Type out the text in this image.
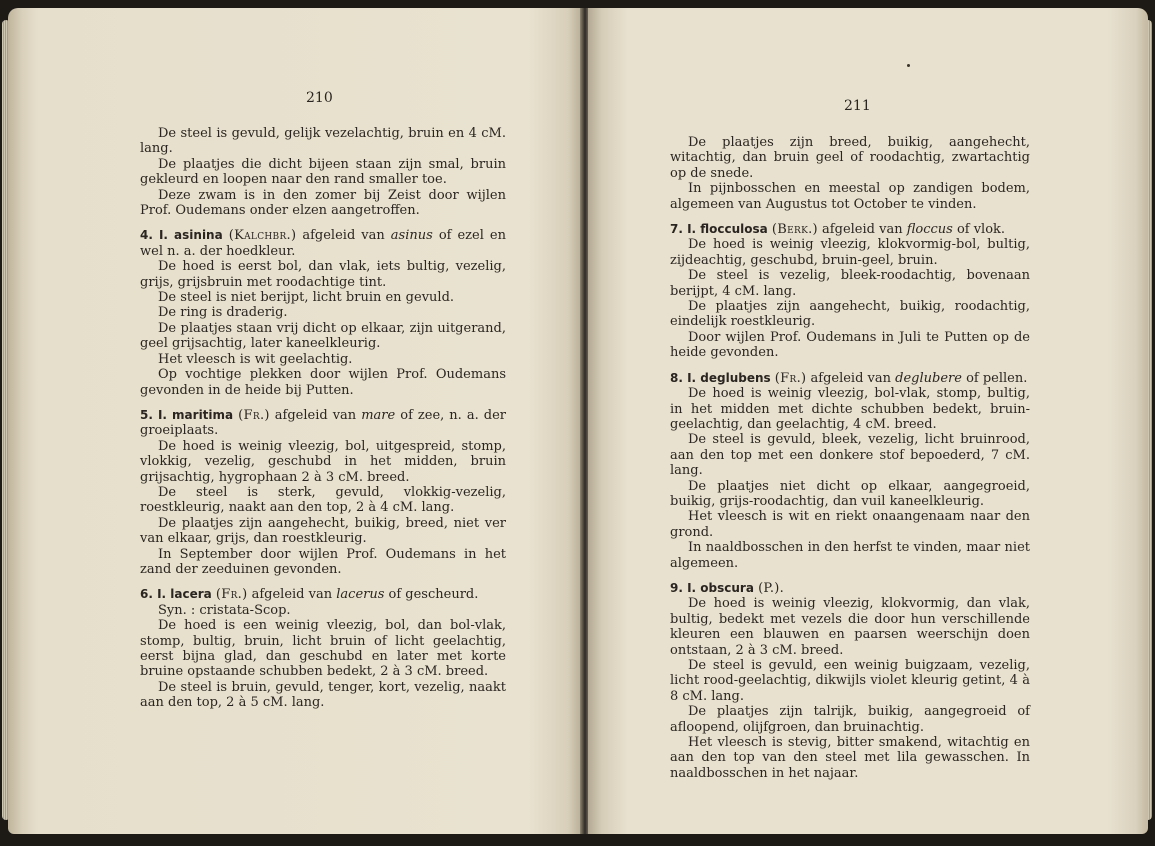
210

De steel is gevuld, gelijk vezelachtig, bruin en 4 cM. lang.

De plaatjes die dicht bijeen staan zijn smal, bruin gekleurd en loopen naar den rand smaller toe.

Deze zwam is in den zomer bij Zeist door wijlen Prof. Oudemans onder elzen aangetroffen.

4. I. asinina (Kalchbr.) afgeleid van asinus of ezel en wel n. a. der hoedkleur.

De hoed is eerst bol, dan vlak, iets bultig, vezelig, grijs, grijsbruin met roodachtige tint.

De steel is niet berijpt, licht bruin en gevuld.

De ring is draderig.

De plaatjes staan vrij dicht op elkaar, zijn uitgerand, geel grijsachtig, later kaneelkleurig.

Het vleesch is wit geelachtig.

Op vochtige plekken door wijlen Prof. Oudemans gevonden in de heide bij Putten.

5. I. maritima (Fr.) afgeleid van mare of zee, n. a. der groeiplaats.

De hoed is weinig vleezig, bol, uitgespreid, stomp, vlokkig, vezelig, geschubd in het midden, bruin grijsachtig, hygrophaan 2 à 3 cM. breed.

De steel is sterk, gevuld, vlokkig-vezelig, roestkleurig, naakt aan den top, 2 à 4 cM. lang.

De plaatjes zijn aangehecht, buikig, breed, niet ver van elkaar, grijs, dan roestkleurig.

In September door wijlen Prof. Oudemans in het zand der zeeduinen gevonden.

6. I. lacera (Fr.) afgeleid van lacerus of gescheurd.

Syn. : cristata-Scop.

De hoed is een weinig vleezig, bol, dan bol-vlak, stomp, bultig, bruin, licht bruin of licht geelachtig, eerst bijna glad, dan geschubd en later met korte bruine opstaande schubben bedekt, 2 à 3 cM. breed.

De steel is bruin, gevuld, tenger, kort, vezelig, naakt aan den top, 2 à 5 cM. lang.

211

De plaatjes zijn breed, buikig, aangehecht, witachtig, dan bruin geel of roodachtig, zwartachtig op de snede.

In pijnbosschen en meestal op zandigen bodem, algemeen van Augustus tot October te vinden.

7. I. flocculosa (Berk.) afgeleid van floccus of vlok.

De hoed is weinig vleezig, klokvormig-bol, bultig, zijdeachtig, geschubd, bruin-geel, bruin.

De steel is vezelig, bleek-roodachtig, bovenaan berijpt, 4 cM. lang.

De plaatjes zijn aangehecht, buikig, roodachtig, eindelijk roestkleurig.

Door wijlen Prof. Oudemans in Juli te Putten op de heide gevonden.

8. I. deglubens (Fr.) afgeleid van deglubere of pellen.

De hoed is weinig vleezig, bol-vlak, stomp, bultig, in het midden met dichte schubben bedekt, bruin-geelachtig, dan geelachtig, 4 cM. breed.

De steel is gevuld, bleek, vezelig, licht bruinrood, aan den top met een donkere stof bepoederd, 7 cM. lang.

De plaatjes niet dicht op elkaar, aangegroeid, buikig, grijs-roodachtig, dan vuil kaneelkleurig.

Het vleesch is wit en riekt onaangenaam naar den grond.

In naaldbosschen in den herfst te vinden, maar niet algemeen.

9. I. obscura (P.).

De hoed is weinig vleezig, klokvormig, dan vlak, bultig, bedekt met vezels die door hun verschillende kleuren een blauwen en paarsen weerschijn doen ontstaan, 2 à 3 cM. breed.

De steel is gevuld, een weinig buigzaam, vezelig, licht rood-geelachtig, dikwijls violet kleurig getint, 4 à 8 cM. lang.

De plaatjes zijn talrijk, buikig, aangegroeid of afloopend, olijfgroen, dan bruinachtig.

Het vleesch is stevig, bitter smakend, witachtig en aan den top van den steel met lila gewasschen. In naaldbosschen in het najaar.
